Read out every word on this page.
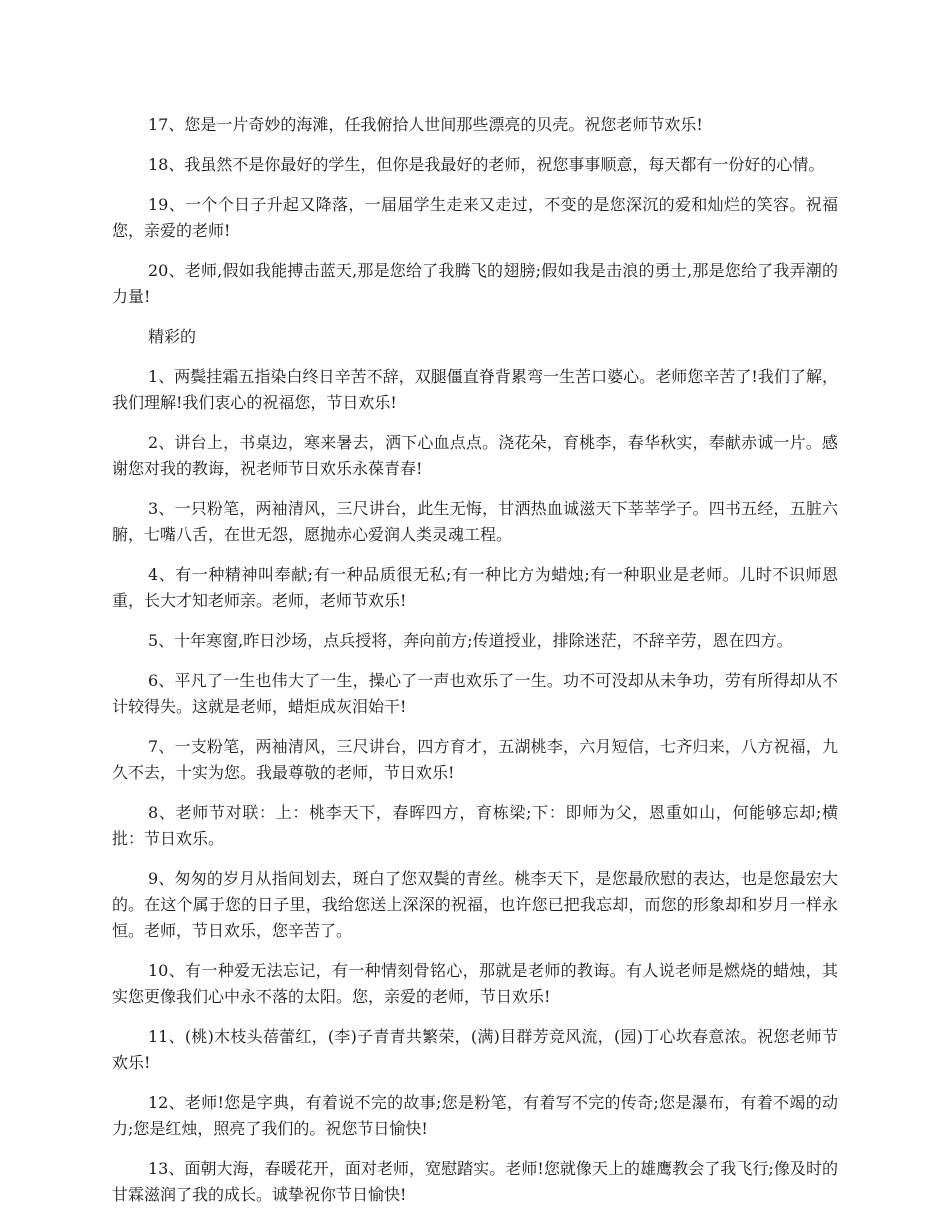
17、您是一片奇妙的海滩，任我俯拾人世间那些漂亮的贝壳。祝您老师节欢乐!

18、我虽然不是你最好的学生，但你是我最好的老师，祝您事事顺意，每天都有一份好的心情。

19、一个个日子升起又降落，一届届学生走来又走过，不变的是您深沉的爱和灿烂的笑容。祝福您，亲爱的老师!

20、老师,假如我能搏击蓝天,那是您给了我腾飞的翅膀;假如我是击浪的勇士,那是您给了我弄潮的力量!

精彩的

1、两鬓挂霜五指染白终日辛苦不辞，双腿僵直脊背累弯一生苦口婆心。老师您辛苦了!我们了解，我们理解!我们衷心的祝福您，节日欢乐!

2、讲台上，书桌边，寒来暑去，洒下心血点点。浇花朵，育桃李，春华秋实，奉献赤诚一片。感谢您对我的教诲，祝老师节日欢乐永葆青春!

3、一只粉笔，两袖清风，三尺讲台，此生无悔，甘洒热血诚滋天下莘莘学子。四书五经，五脏六腑，七嘴八舌，在世无怨，愿抛赤心爱润人类灵魂工程。

4、有一种精神叫奉献;有一种品质很无私;有一种比方为蜡烛;有一种职业是老师。儿时不识师恩重，长大才知老师亲。老师，老师节欢乐!

5、十年寒窗,昨日沙场，点兵授将，奔向前方;传道授业，排除迷茫，不辞辛劳，恩在四方。

6、平凡了一生也伟大了一生，操心了一声也欢乐了一生。功不可没却从未争功，劳有所得却从不计较得失。这就是老师，蜡炬成灰泪始干!

7、一支粉笔，两袖清风，三尺讲台，四方育才，五湖桃李，六月短信，七齐归来，八方祝福，九久不去，十实为您。我最尊敬的老师，节日欢乐!

8、老师节对联：上：桃李天下，春晖四方，育栋梁;下：即师为父，恩重如山，何能够忘却;横批：节日欢乐。

9、匆匆的岁月从指间划去，斑白了您双鬓的青丝。桃李天下，是您最欣慰的表达，也是您最宏大的。在这个属于您的日子里，我给您送上深深的祝福，也许您已把我忘却，而您的形象却和岁月一样永恒。老师，节日欢乐，您辛苦了。

10、有一种爱无法忘记，有一种情刻骨铭心，那就是老师的教诲。有人说老师是燃烧的蜡烛，其实您更像我们心中永不落的太阳。您，亲爱的老师，节日欢乐!

11、(桃)木枝头蓓蕾红，(李)子青青共繁荣，(满)目群芳竞风流，(园)丁心坎春意浓。祝您老师节欢乐!

12、老师!您是字典，有着说不完的故事;您是粉笔，有着写不完的传奇;您是瀑布，有着不竭的动力;您是红烛，照亮了我们的。祝您节日愉快!

13、面朝大海，春暖花开，面对老师，宽慰踏实。老师!您就像天上的雄鹰教会了我飞行;像及时的甘霖滋润了我的成长。诚挚祝你节日愉快!
